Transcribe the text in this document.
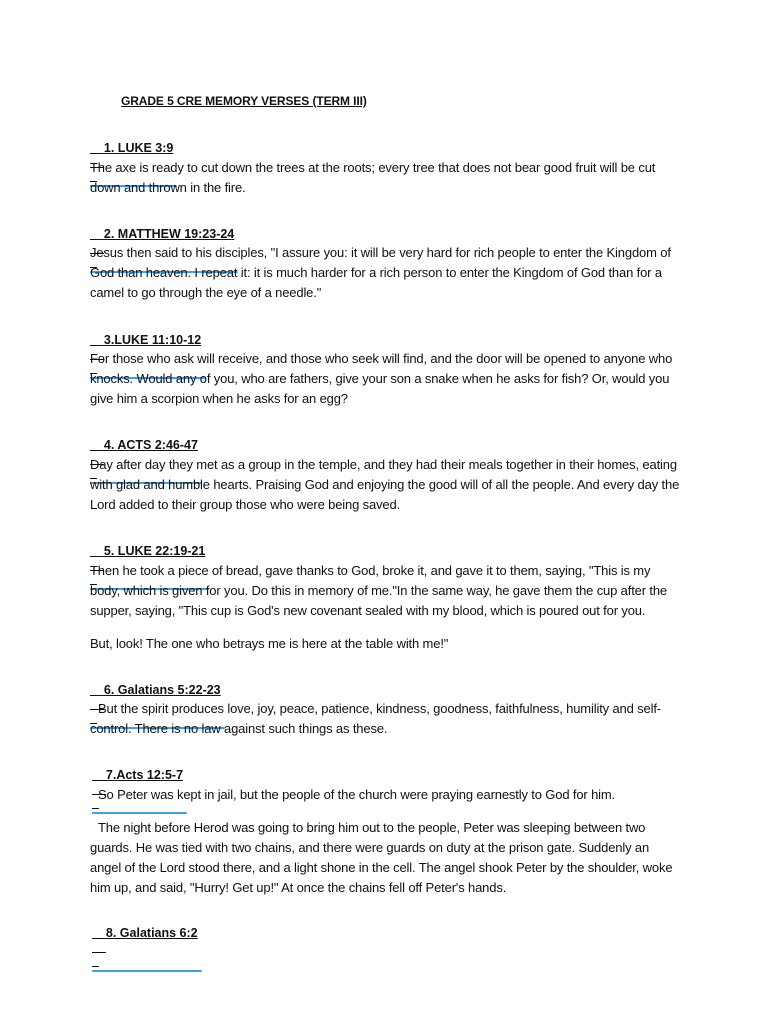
GRADE 5 CRE MEMORY VERSES (TERM III)

1. LUKE 3:9

The axe is ready to cut down the trees at the roots; every tree that does not bear good fruit will be cut down and thrown in the fire.

2. MATTHEW 19:23-24

Jesus then said to his disciples, "I assure you: it will be very hard for rich people to enter the Kingdom of God than heaven. I repeat it: it is much harder for a rich person to enter the Kingdom of God than for a camel to go through the eye of a needle."

3.LUKE 11:10-12

For those who ask will receive, and those who seek will find, and the door will be opened to anyone who knocks. Would any of you, who are fathers, give your son a snake when he asks for fish? Or, would you give him a scorpion when he asks for an egg?

4. ACTS 2:46-47

Day after day they met as a group in the temple, and they had their meals together in their homes, eating with glad and humble hearts. Praising God and enjoying the good will of all the people. And every day the Lord added to their group those who were being saved.

5. LUKE 22:19-21

Then he took a piece of bread, gave thanks to God, broke it, and gave it to them, saying, "This is my body, which is given for you. Do this in memory of me."In the same way, he gave them the cup after the supper, saying, "This cup is God's new covenant sealed with my blood, which is poured out for you.
But, look! The one who betrays me is here at the table with me!"

6. Galatians 5:22-23

But the spirit produces love, joy, peace, patience, kindness, goodness, faithfulness, humility and self-control. There is no law against such things as these.

7.Acts 12:5-7

So Peter was kept in jail, but the people of the church were praying earnestly to God for him.
The night before Herod was going to bring him out to the people, Peter was sleeping between two guards. He was tied with two chains, and there were guards on duty at the prison gate. Suddenly an angel of the Lord stood there, and a light shone in the cell. The angel shook Peter by the shoulder, woke him up, and said, "Hurry! Get up!" At once the chains fell off Peter's hands.

8. Galatians 6:2
